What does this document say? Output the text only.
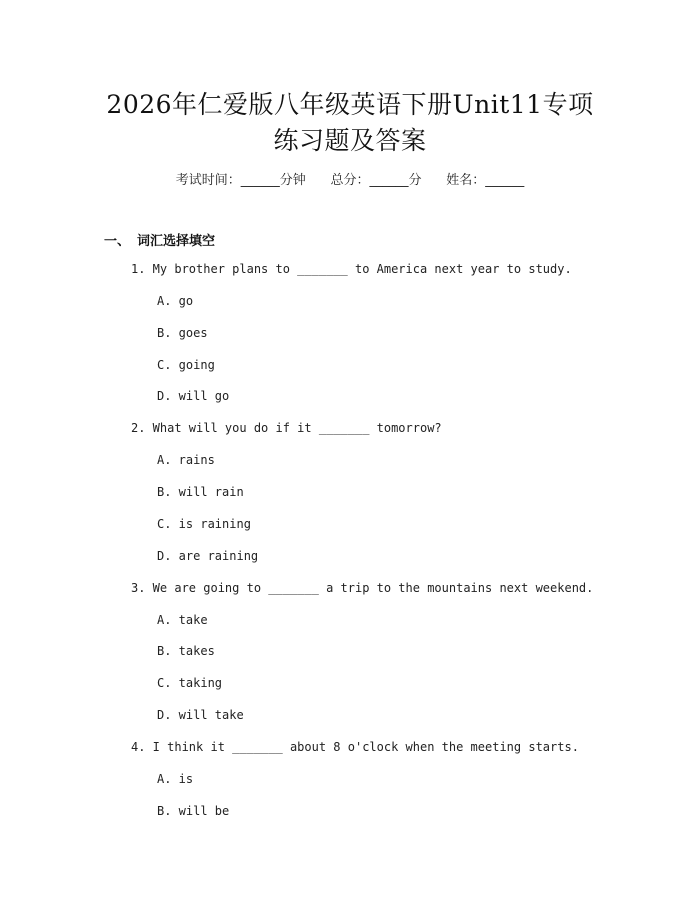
2026年仁爱版八年级英语下册Unit11专项
练习题及答案
考试时间：______分钟      总分：______分      姓名：______
一、 词汇选择填空
1. My brother plans to _______ to America next year to study.
A. go
B. goes
C. going
D. will go
2. What will you do if it _______ tomorrow?
A. rains
B. will rain
C. is raining
D. are raining
3. We are going to _______ a trip to the mountains next weekend.
A. take
B. takes
C. taking
D. will take
4. I think it _______ about 8 o'clock when the meeting starts.
A. is
B. will be
